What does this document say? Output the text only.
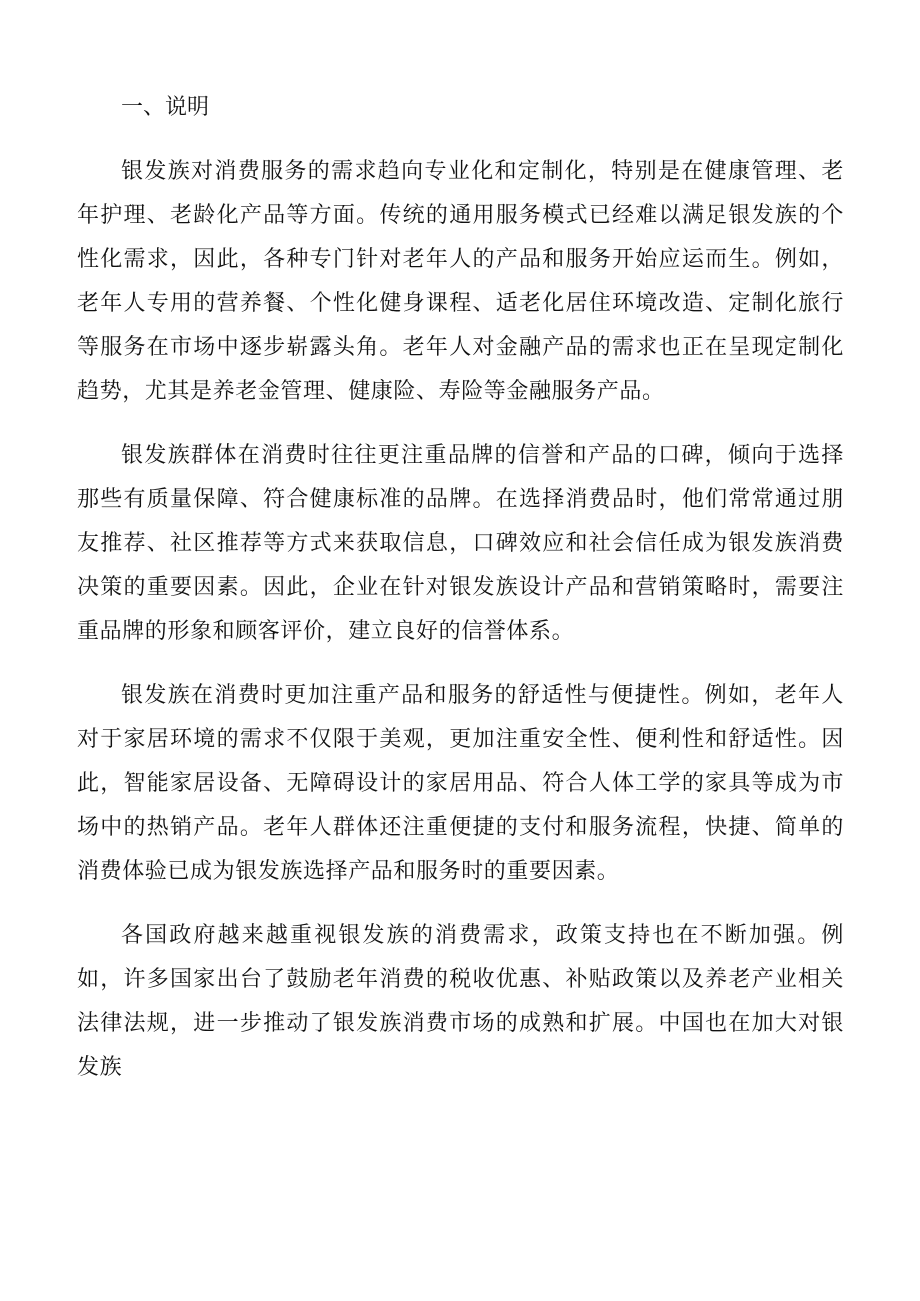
一、说明

银发族对消费服务的需求趋向专业化和定制化，特别是在健康管理、老年护理、老龄化产品等方面。传统的通用服务模式已经难以满足银发族的个性化需求，因此，各种专门针对老年人的产品和服务开始应运而生。例如，老年人专用的营养餐、个性化健身课程、适老化居住环境改造、定制化旅行等服务在市场中逐步崭露头角。老年人对金融产品的需求也正在呈现定制化趋势，尤其是养老金管理、健康险、寿险等金融服务产品。

银发族群体在消费时往往更注重品牌的信誉和产品的口碑，倾向于选择那些有质量保障、符合健康标准的品牌。在选择消费品时，他们常常通过朋友推荐、社区推荐等方式来获取信息，口碑效应和社会信任成为银发族消费决策的重要因素。因此，企业在针对银发族设计产品和营销策略时，需要注重品牌的形象和顾客评价，建立良好的信誉体系。

银发族在消费时更加注重产品和服务的舒适性与便捷性。例如，老年人对于家居环境的需求不仅限于美观，更加注重安全性、便利性和舒适性。因此，智能家居设备、无障碍设计的家居用品、符合人体工学的家具等成为市场中的热销产品。老年人群体还注重便捷的支付和服务流程，快捷、简单的消费体验已成为银发族选择产品和服务时的重要因素。

各国政府越来越重视银发族的消费需求，政策支持也在不断加强。例如，许多国家出台了鼓励老年消费的税收优惠、补贴政策以及养老产业相关法律法规，进一步推动了银发族消费市场的成熟和扩展。中国也在加大对银发族
